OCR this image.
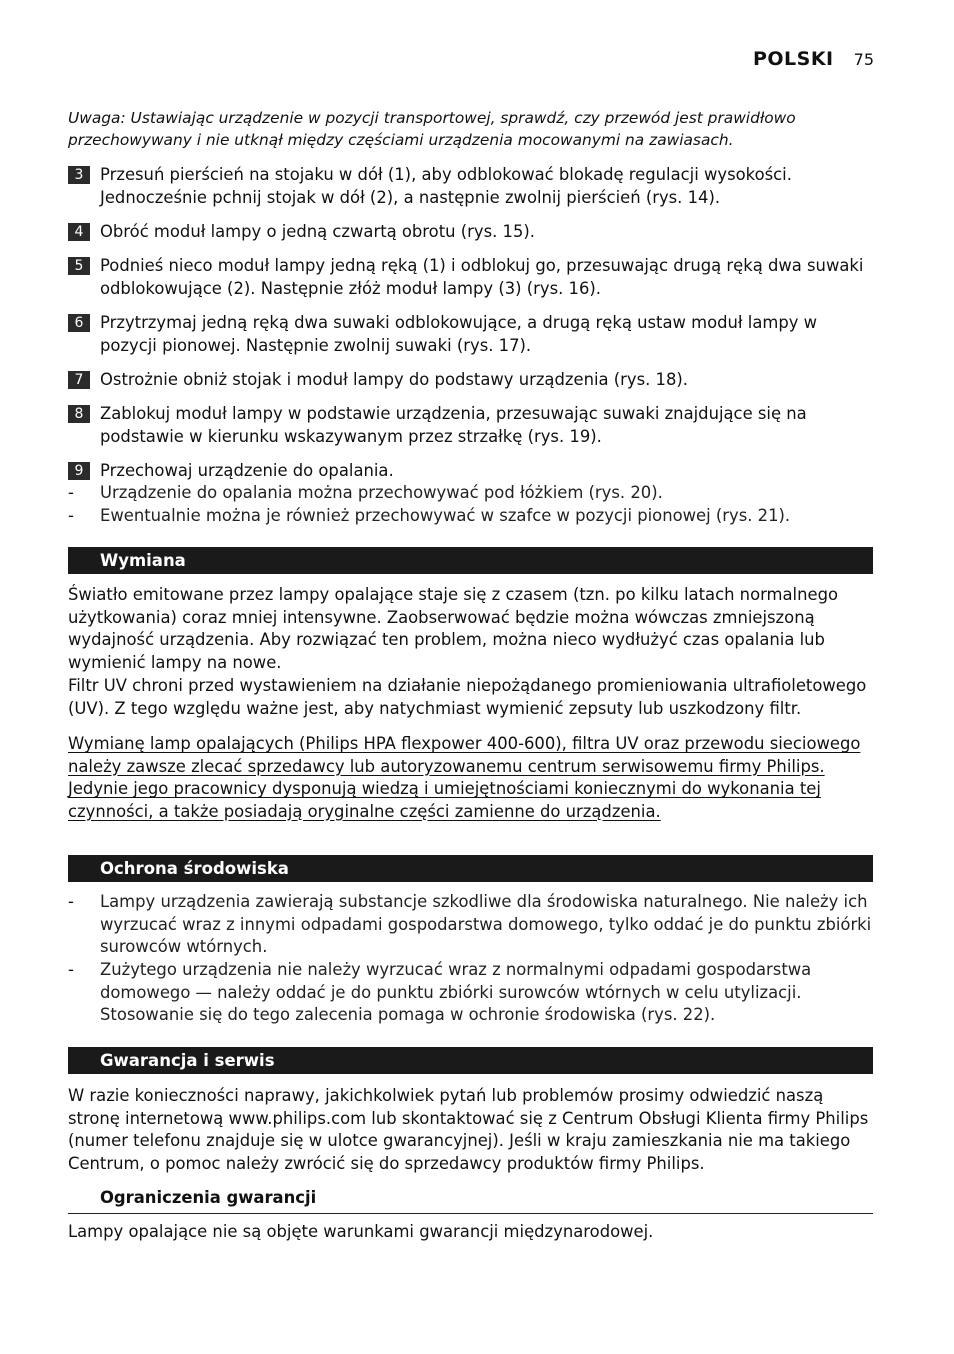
POLSKI 75
Uwaga: Ustawiając urządzenie w pozycji transportowej, sprawdź, czy przewód jest prawidłowo przechowywany i nie utknął między częściami urządzenia mocowanymi na zawiasach.
3	Przesuń pierścień na stojaku w dół (1), aby odblokować blokadę regulacji wysokości. Jednocześnie pchnij stojak w dół (2), a następnie zwolnij pierścień (rys. 14).
4	Obróć moduł lampy o jedną czwartą obrotu (rys. 15).
5	Podnieś nieco moduł lampy jedną ręką (1) i odblokuj go, przesuwając drugą ręką dwa suwaki odblokowujące (2). Następnie złóż moduł lampy (3) (rys. 16).
6	Przytrzymaj jedną ręką dwa suwaki odblokowujące, a drugą ręką ustaw moduł lampy w pozycji pionowej. Następnie zwolnij suwaki (rys. 17).
7	Ostrożnie obniż stojak i moduł lampy do podstawy urządzenia (rys. 18).
8	Zablokuj moduł lampy w podstawie urządzenia, przesuwając suwaki znajdujące się na podstawie w kierunku wskazywanym przez strzałkę (rys. 19).
9	Przechowaj urządzenie do opalania.
-	Urządzenie do opalania można przechowywać pod łóżkiem (rys. 20).
-	Ewentualnie można je również przechowywać w szafce w pozycji pionowej (rys. 21).
Wymiana
Światło emitowane przez lampy opalające staje się z czasem (tzn. po kilku latach normalnego użytkowania) coraz mniej intensywne. Zaobserwować będzie można wówczas zmniejszoną wydajność urządzenia. Aby rozwiązać ten problem, można nieco wydłużyć czas opalania lub wymienić lampy na nowe.
Filtr UV chroni przed wystawieniem na działanie niepożądanego promieniowania ultrafioletowego (UV). Z tego względu ważne jest, aby natychmiast wymienić zepsuty lub uszkodzony filtr.
Wymianę lamp opalających (Philips HPA flexpower 400-600), filtra UV oraz przewodu sieciowego należy zawsze zlecać sprzedawcy lub autoryzowanemu centrum serwisowemu firmy Philips. Jedynie jego pracownicy dysponują wiedzą i umiejętnościami koniecznymi do wykonania tej czynności, a także posiadają oryginalne części zamienne do urządzenia.
Ochrona środowiska
-	Lampy urządzenia zawierają substancje szkodliwe dla środowiska naturalnego. Nie należy ich wyrzucać wraz z innymi odpadami gospodarstwa domowego, tylko oddać je do punktu zbiórki surowców wtórnych.
-	Zużytego urządzenia nie należy wyrzucać wraz z normalnymi odpadami gospodarstwa domowego — należy oddać je do punktu zbiórki surowców wtórnych w celu utylizacji. Stosowanie się do tego zalecenia pomaga w ochronie środowiska (rys. 22).
Gwarancja i serwis
W razie konieczności naprawy, jakichkolwiek pytań lub problemów prosimy odwiedzić naszą stronę internetową www.philips.com lub skontaktować się z Centrum Obsługi Klienta firmy Philips (numer telefonu znajduje się w ulotce gwarancyjnej). Jeśli w kraju zamieszkania nie ma takiego Centrum, o pomoc należy zwrócić się do sprzedawcy produktów firmy Philips.
Ograniczenia gwarancji
Lampy opalające nie są objęte warunkami gwarancji międzynarodowej.
